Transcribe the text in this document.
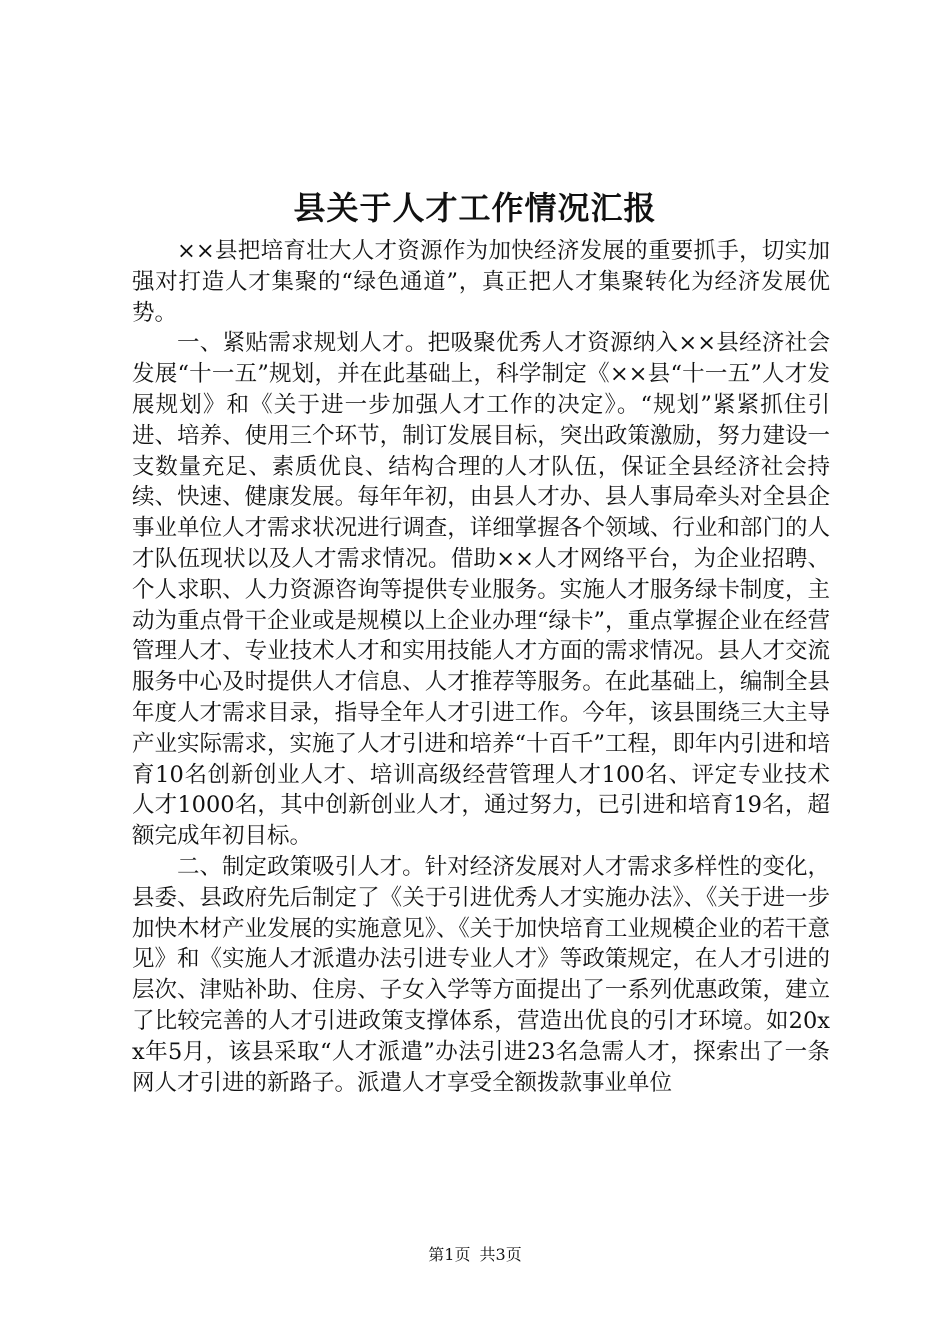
县关于人才工作情况汇报

××县把培育壮大人才资源作为加快经济发展的重要抓手，切实加强对打造人才集聚的“绿色通道”，真正把人才集聚转化为经济发展优势。

一、紧贴需求规划人才。把吸聚优秀人才资源纳入××县经济社会发展“十一五”规划，并在此基础上，科学制定《××县“十一五”人才发展规划》和《关于进一步加强人才工作的决定》。“规划”紧紧抓住引进、培养、使用三个环节，制订发展目标，突出政策激励，努力建设一支数量充足、素质优良、结构合理的人才队伍，保证全县经济社会持续、快速、健康发展。每年年初，由县人才办、县人事局牵头对全县企事业单位人才需求状况进行调查，详细掌握各个领域、行业和部门的人才队伍现状以及人才需求情况。借助××人才网络平台，为企业招聘、个人求职、人力资源咨询等提供专业服务。实施人才服务绿卡制度，主动为重点骨干企业或是规模以上企业办理“绿卡”，重点掌握企业在经营管理人才、专业技术人才和实用技能人才方面的需求情况。县人才交流服务中心及时提供人才信息、人才推荐等服务。在此基础上，编制全县年度人才需求目录，指导全年人才引进工作。今年，该县围绕三大主导产业实际需求，实施了人才引进和培养“十百千”工程，即年内引进和培育10名创新创业人才、培训高级经营管理人才100名、评定专业技术人才1000名，其中创新创业人才，通过努力，已引进和培育19名，超额完成年初目标。

二、制定政策吸引人才。针对经济发展对人才需求多样性的变化，县委、县政府先后制定了《关于引进优秀人才实施办法》、《关于进一步加快木材产业发展的实施意见》、《关于加快培育工业规模企业的若干意见》和《实施人才派遣办法引进专业人才》等政策规定，在人才引进的层次、津贴补助、住房、子女入学等方面提出了一系列优惠政策，建立了比较完善的人才引进政策支撑体系，营造出优良的引才环境。如20xx年5月，该县采取“人才派遣”办法引进23名急需人才，探索出了一条网人才引进的新路子。派遣人才享受全额拨款事业单位

第1页 共3页
